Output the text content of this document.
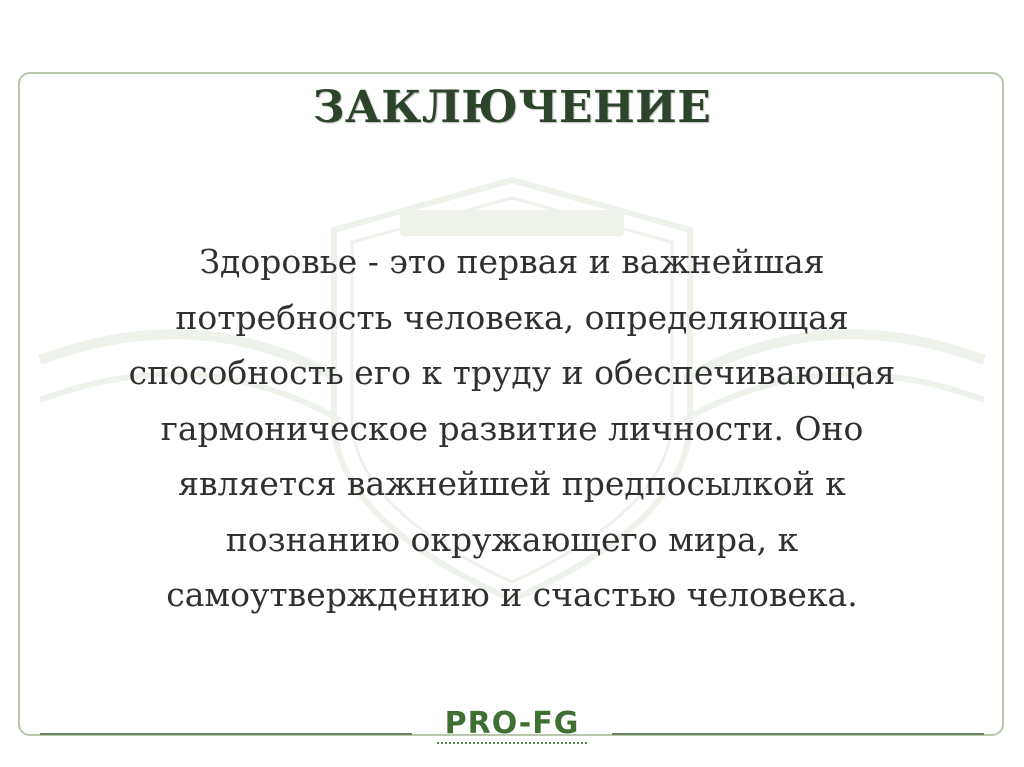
ЗАКЛЮЧЕНИЕ

Здоровье - это первая и важнейшая
потребность человека, определяющая
способность его к труду и обеспечивающая
гармоническое развитие личности. Оно
является важнейшей предпосылкой к
познанию окружающего мира, к
самоутверждению и счастью человека.

PRO-FG
